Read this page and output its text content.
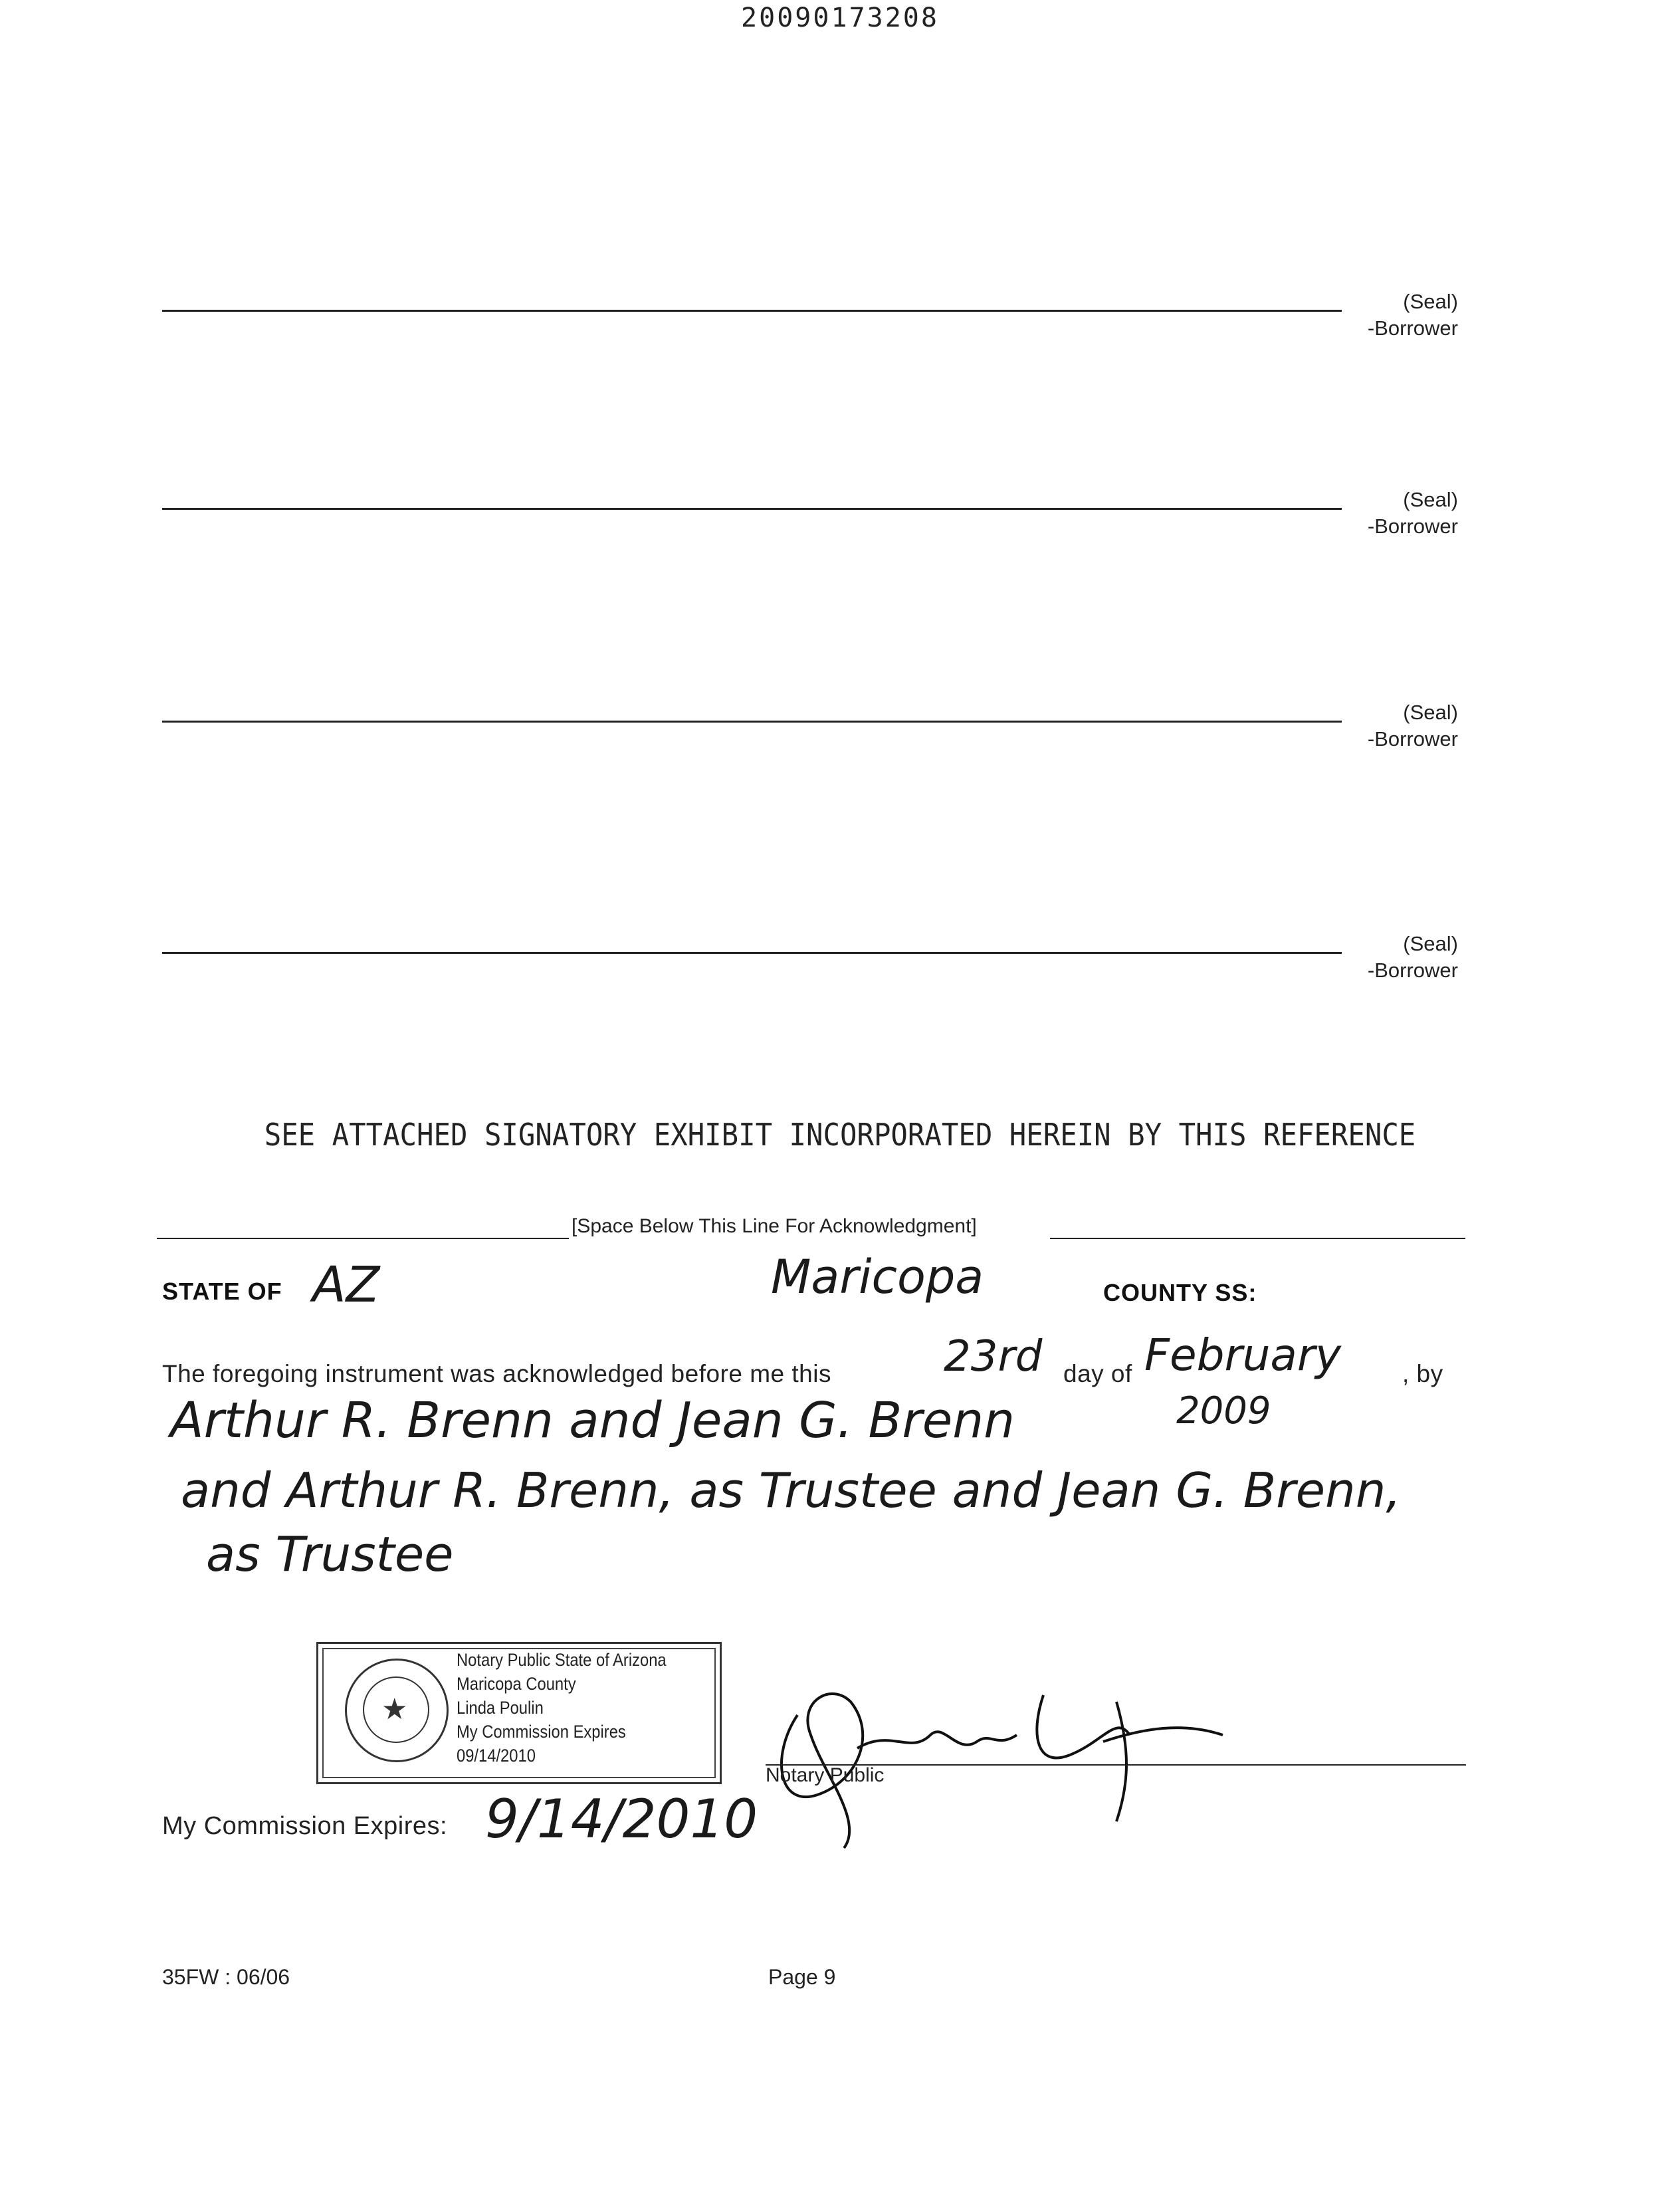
20090173208
(Seal)
-Borrower
(Seal)
-Borrower
(Seal)
-Borrower
(Seal)
-Borrower
SEE ATTACHED SIGNATORY EXHIBIT INCORPORATED HEREIN BY THIS REFERENCE
[Space Below This Line For Acknowledgment]
STATE OF AZ	Maricopa	COUNTY SS:
The foregoing instrument was acknowledged before me this	23rd day of February , by
2009
Arthur R. Brenn and Jean G. Brenn
and Arthur R. Brenn, as Trustee and Jean G. Brenn,
as Trustee
★
Notary Public State of Arizona
Maricopa County
Linda Poulin
My Commission Expires
09/14/2010
Notary Public
My Commission Expires: 9/14/2010
35FW : 06/06	Page 9
